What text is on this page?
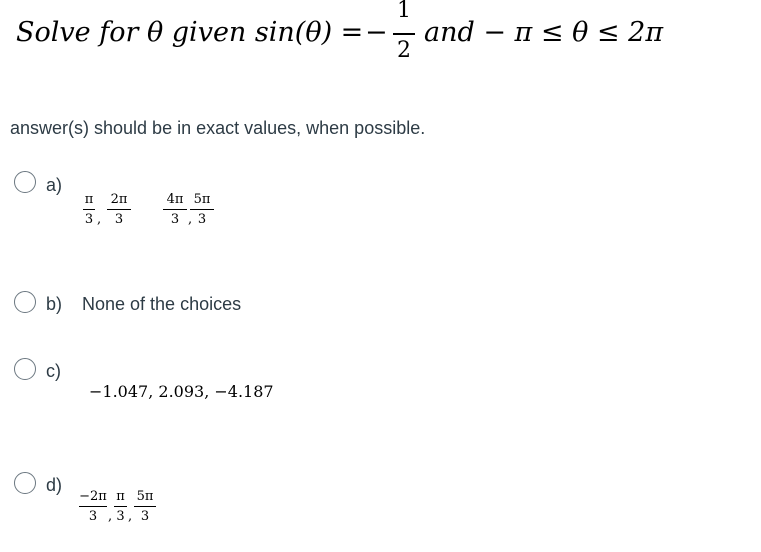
Solve for θ given sin(θ) = −
1
2
and − π ≤ θ ≤ 2π
answer(s) should be in exact values, when possible.
a)
π
3 ,
2π
3
4π
3 ,
5π
3
b) None of the choices
c)
−1.047, 2.093, −4.187
d)
−2π
3 ,
π
3 ,
5π
3
